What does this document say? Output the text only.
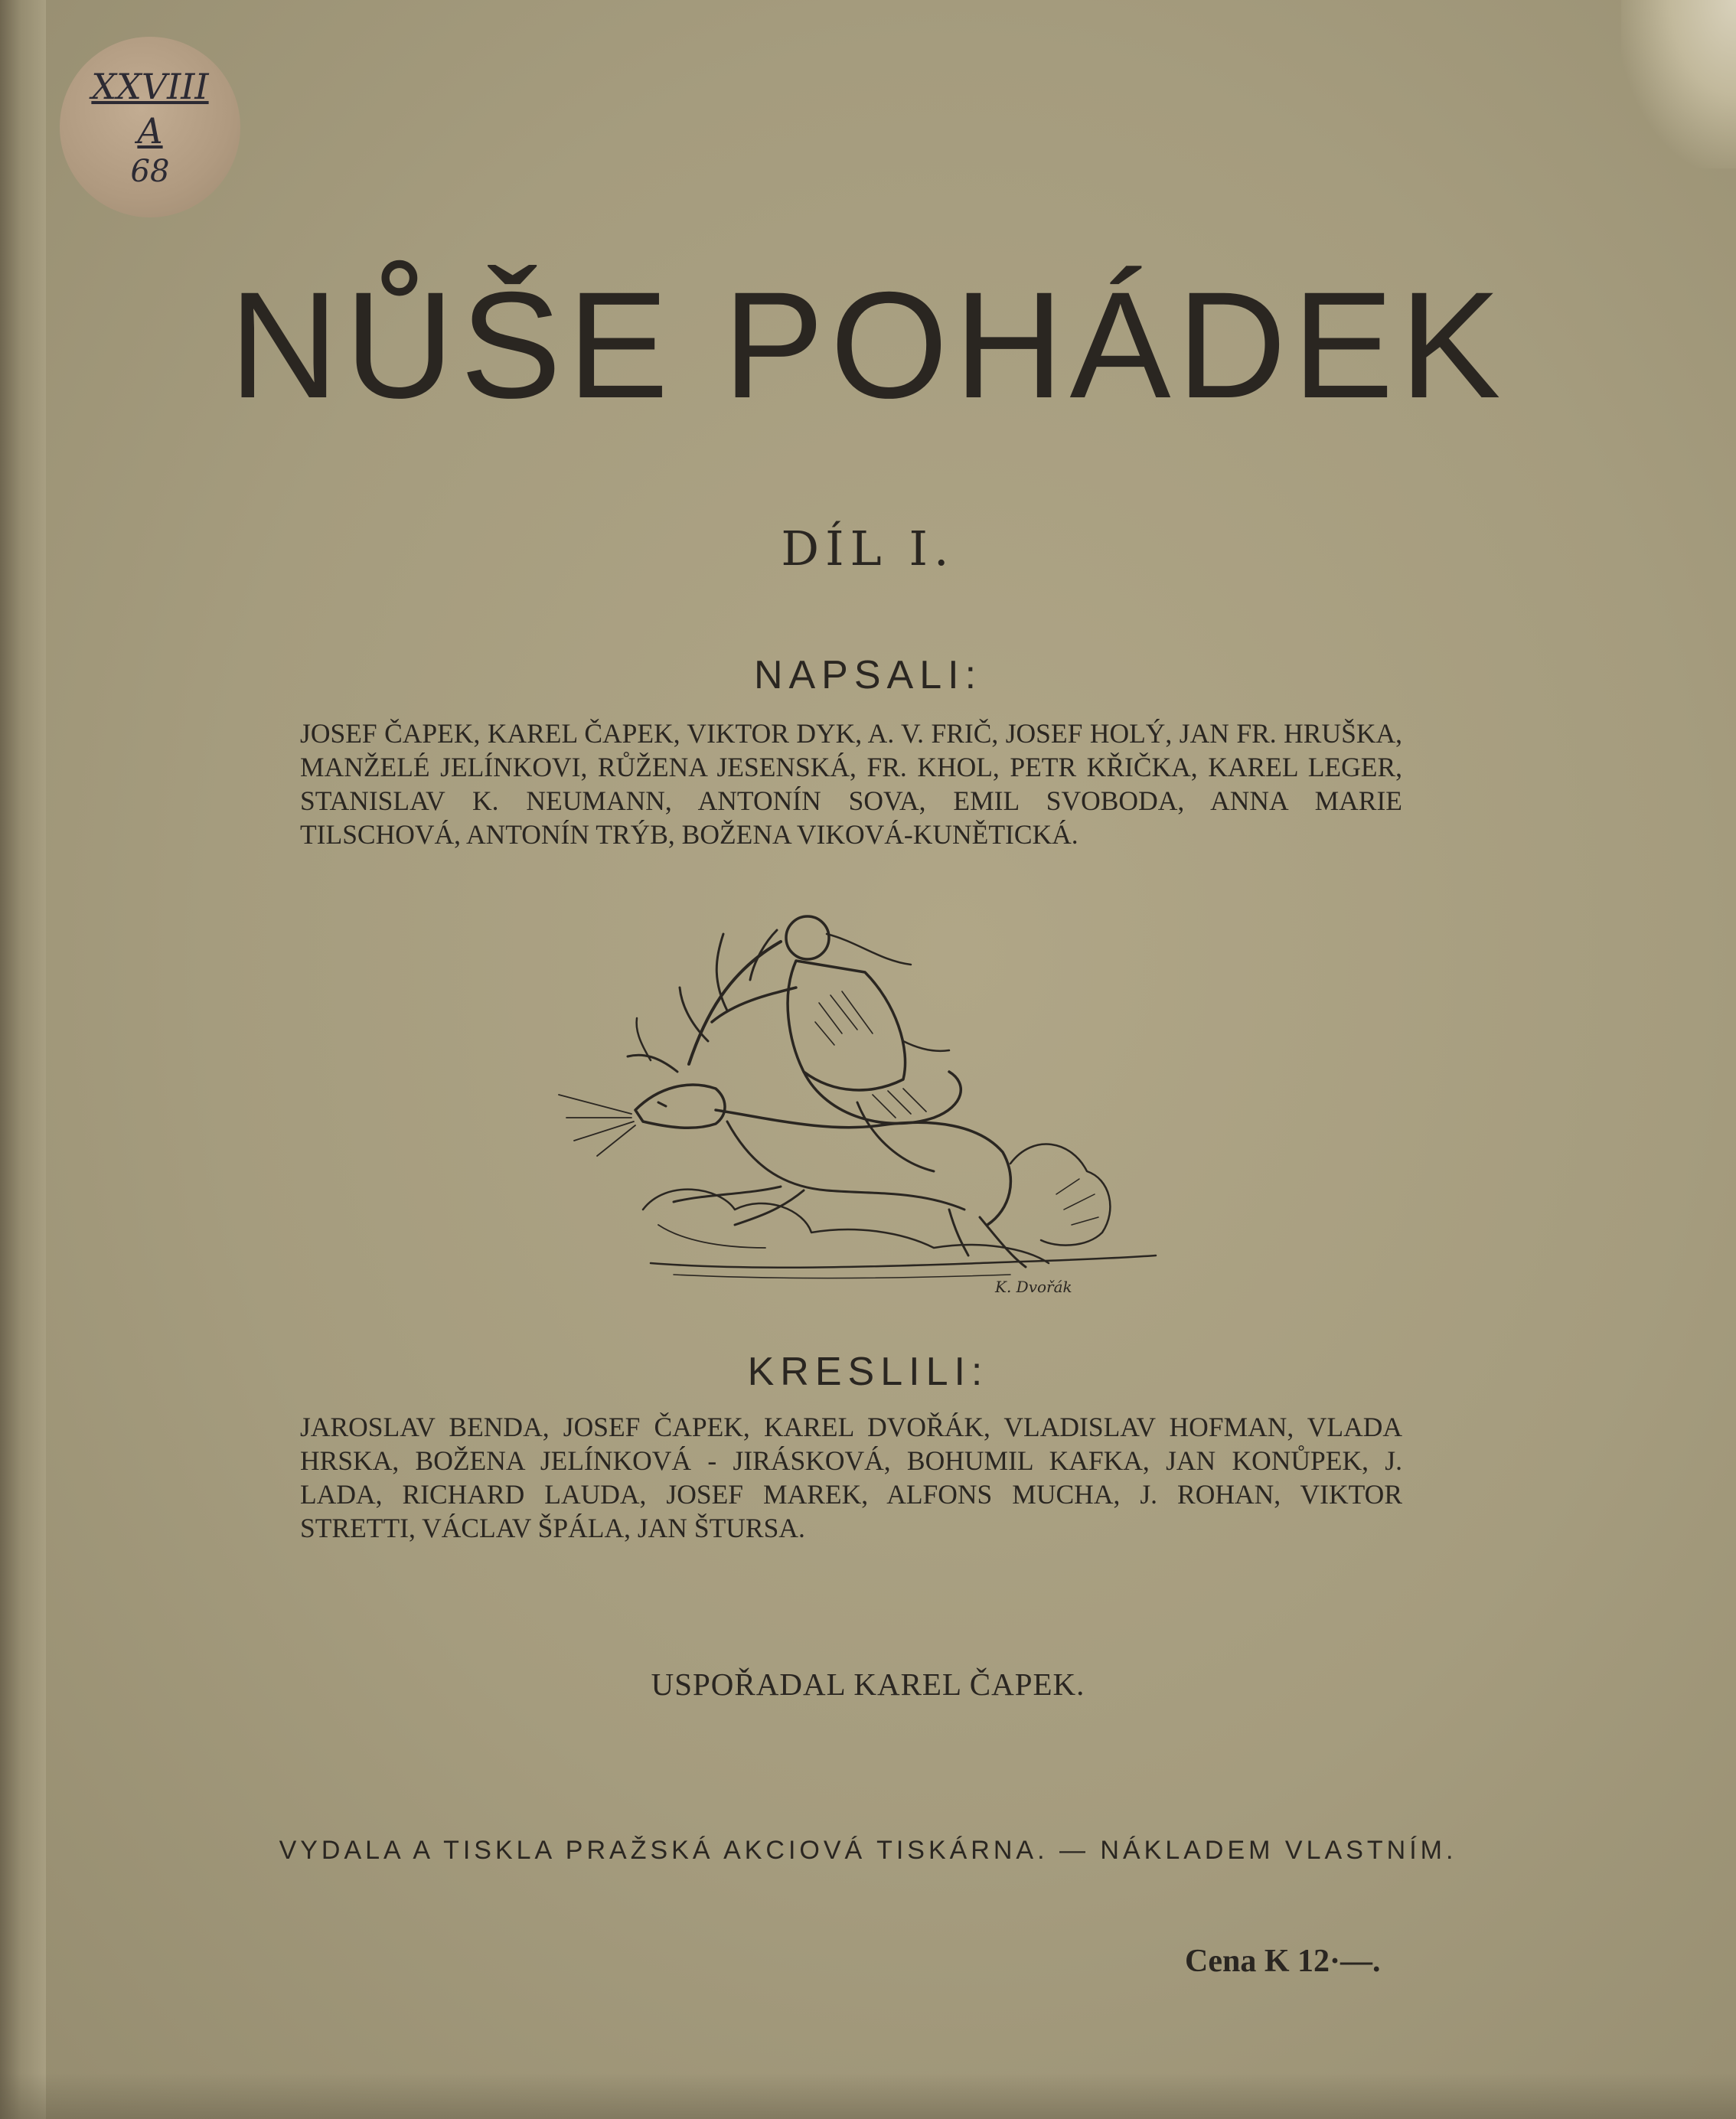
XXVIII
A
68
NŮŠE POHÁDEK
DÍL I.
NAPSALI:
JOSEF ČAPEK, KAREL ČAPEK, VIKTOR DYK, A. V. FRIČ, JOSEF HOLÝ, JAN FR. HRUŠKA, MANŽELÉ JELÍNKOVI, RŮŽENA JESENSKÁ, FR. KHOL, PETR KŘIČKA, KAREL LEGER, STANISLAV K. NEUMANN, ANTONÍN SOVA, EMIL SVOBODA, ANNA MARIE TILSCHOVÁ, ANTONÍN TRÝB, BOŽENA VIKOVÁ-KUNĚTICKÁ.
K. Dvořák
KRESLILI:
JAROSLAV BENDA, JOSEF ČAPEK, KAREL DVOŘÁK, VLADISLAV HOFMAN, VLADA HRSKA, BOŽENA JELÍNKOVÁ - JIRÁSKOVÁ, BOHUMIL KAFKA, JAN KONŮPEK, J. LADA, RICHARD LAUDA, JOSEF MAREK, ALFONS MUCHA, J. ROHAN, VIKTOR STRETTI, VÁCLAV ŠPÁLA, JAN ŠTURSA.
USPOŘADAL KAREL ČAPEK.
VYDALA A TISKLA PRAŽSKÁ AKCIOVÁ TISKÁRNA. — NÁKLADEM VLASTNÍM.
Cena K 12·—.
